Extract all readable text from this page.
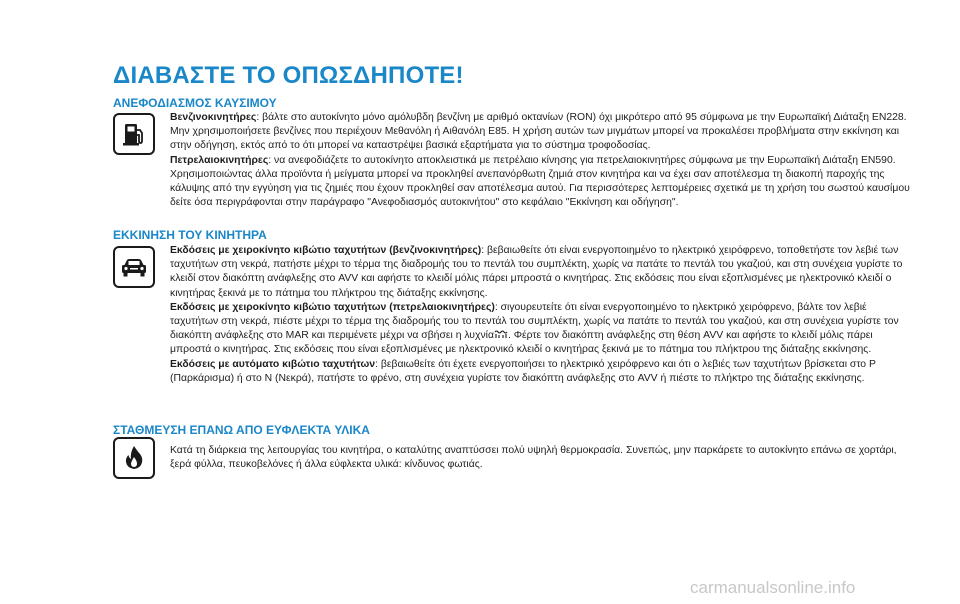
ΔΙΑΒΑΣΤΕ ΤΟ ΟΠΩΣΔΗΠΟΤΕ!
ΑΝΕΦΟΔΙΑΣΜΟΣ ΚΑΥΣΙΜΟΥ

Βενζινοκινητήρες: βάλτε στο αυτοκίνητο μόνο αμόλυβδη βενζίνη με αριθμό οκτανίων (RON) όχι μικρότερο από 95 σύμφωνα με την Ευρωπαϊκή Διάταξη EN228. Μην χρησιμοποιήσετε βενζίνες που περιέχουν Μεθανόλη ή Αιθανόλη E85. Η χρήση αυτών των μιγμάτων μπορεί να προκαλέσει προβλήματα στην εκκίνηση και στην οδήγηση, εκτός από το ότι μπορεί να καταστρέψει βασικά εξαρτήματα για το σύστημα τροφοδοσίας.

Πετρελαιοκινητήρες: να ανεφοδιάζετε το αυτοκίνητο αποκλειστικά με πετρέλαιο κίνησης για πετρελαιοκινητήρες σύμφωνα με την Ευρωπαϊκή Διάταξη EN590. Χρησιμοποιώντας άλλα προϊόντα ή μείγματα μπορεί να προκληθεί ανεπανόρθωτη ζημιά στον κινητήρα και να έχει σαν αποτέλεσμα τη διακοπή παροχής της κάλυψης από την εγγύηση για τις ζημιές που έχουν προκληθεί σαν αποτέλεσμα αυτού. Για περισσότερες λεπτομέρειες σχετικά με τη χρήση του σωστού καυσίμου δείτε όσα περιγράφονται στην παράγραφο "Ανεφοδιασμός αυτοκινήτου" στο κεφάλαιο "Εκκίνηση και οδήγηση".

ΕΚΚΙΝΗΣΗ ΤΟΥ ΚΙΝΗΤΗΡΑ

Εκδόσεις με χειροκίνητο κιβώτιο ταχυτήτων (βενζινοκινητήρες): βεβαιωθείτε ότι είναι ενεργοποιημένο το ηλεκτρικό χειρόφρενο, τοποθετήστε τον λεβιέ των ταχυτήτων στη νεκρά, πατήστε μέχρι το τέρμα της διαδρομής του το πεντάλ του συμπλέκτη, χωρίς να πατάτε το πεντάλ του γκαζιού, και στη συνέχεια γυρίστε το κλειδί στον διακόπτη ανάφλεξης στο AVV και αφήστε το κλειδί μόλις πάρει μπροστά ο κινητήρας. Στις εκδόσεις που είναι εξοπλισμένες με ηλεκτρονικό κλειδί ο κινητήρας ξεκινά με το πάτημα του πλήκτρου της διάταξης εκκίνησης.

Εκδόσεις με χειροκίνητο κιβώτιο ταχυτήτων (πετρελαιοκινητήρες): σιγουρευτείτε ότι είναι ενεργοποιημένο το ηλεκτρικό χειρόφρενο, βάλτε τον λεβιέ ταχυτήτων στη νεκρά, πιέστε μέχρι το τέρμα της διαδρομής του το πεντάλ του συμπλέκτη, χωρίς να πατάτε το πεντάλ του γκαζιού, και στη συνέχεια γυρίστε τον διακόπτη ανάφλεξης στο MAR και περιμένετε μέχρι να σβήσει η λυχνία . Φέρτε τον διακόπτη ανάφλεξης στη θέση AVV και αφήστε το κλειδί μόλις πάρει μπροστά ο κινητήρας. Στις εκδόσεις που είναι εξοπλισμένες με ηλεκτρονικό κλειδί ο κινητήρας ξεκινά με το πάτημα του πλήκτρου της διάταξης εκκίνησης.

Εκδόσεις με αυτόματο κιβώτιο ταχυτήτων: βεβαιωθείτε ότι έχετε ενεργοποιήσει το ηλεκτρικό χειρόφρενο και ότι ο λεβιές των ταχυτήτων βρίσκεται στο P (Παρκάρισμα) ή στο N (Νεκρά), πατήστε το φρένο, στη συνέχεια γυρίστε τον διακόπτη ανάφλεξης στο AVV ή πιέστε το πλήκτρο της διάταξης εκκίνησης.

ΣΤΑΘΜΕΥΣΗ ΕΠΑΝΩ ΑΠΟ ΕΥΦΛΕΚΤΑ ΥΛΙΚΑ

Κατά τη διάρκεια της λειτουργίας του κινητήρα, ο καταλύτης αναπτύσσει πολύ υψηλή θερμοκρασία. Συνεπώς, μην παρκάρετε το αυτοκίνητο επάνω σε χορτάρι, ξερά φύλλα, πευκοβελόνες ή άλλα εύφλεκτα υλικά: κίνδυνος φωτιάς.

carmanualsonline.info
